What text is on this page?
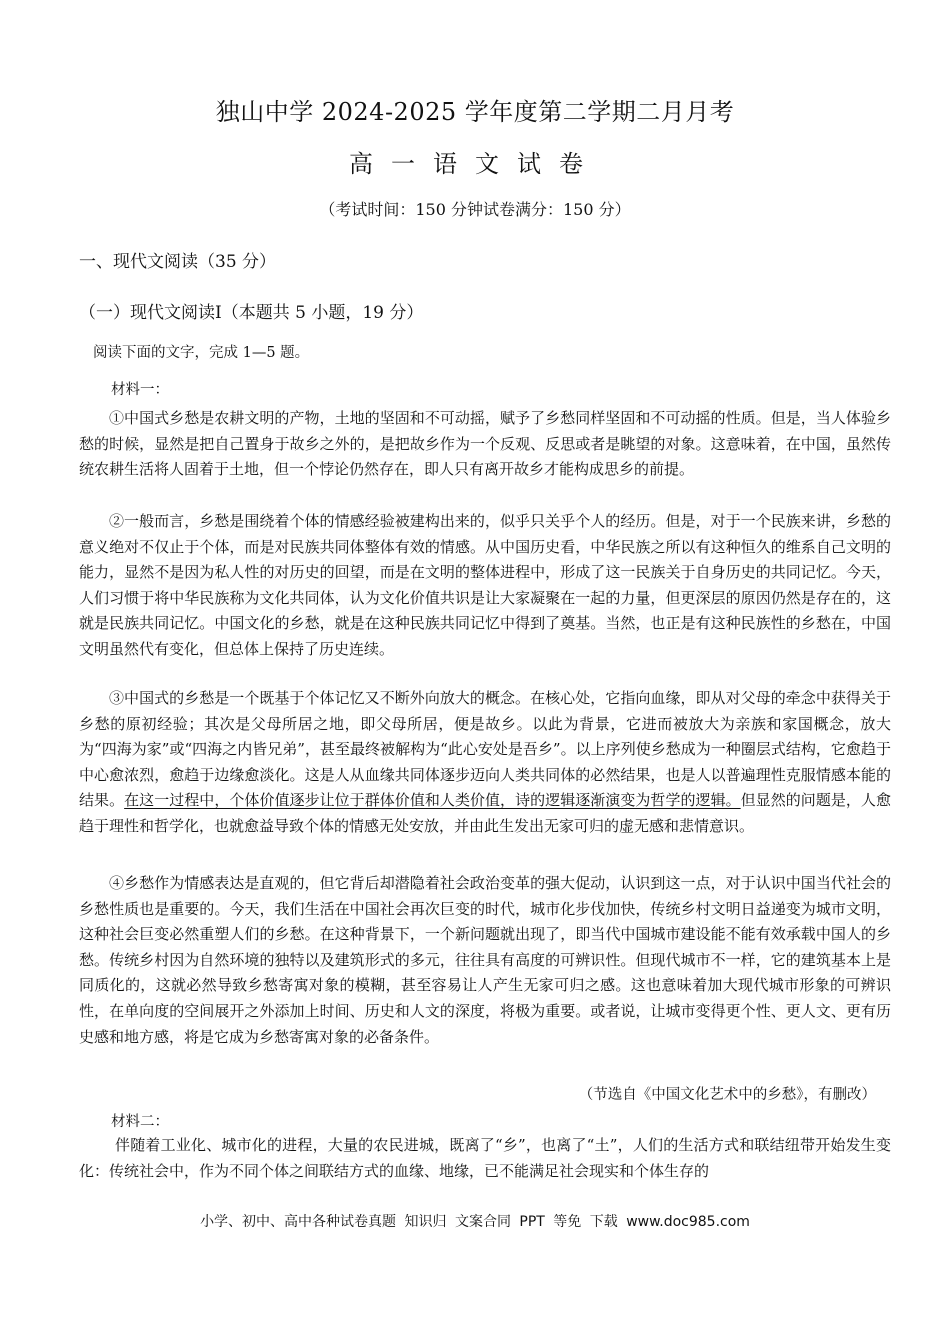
独山中学 2024-2025 学年度第二学期二月月考
高一语文试卷
（考试时间：150 分钟试卷满分：150 分）
一、现代文阅读（35 分）
（一）现代文阅读Ⅰ（本题共 5 小题，19 分）
阅读下面的文字，完成 1—5 题。
材料一：

①中国式乡愁是农耕文明的产物，土地的坚固和不可动摇，赋予了乡愁同样坚固和不可动摇的性质。但是，当人体验乡愁的时候，显然是把自己置身于故乡之外的，是把故乡作为一个反观、反思或者是眺望的对象。这意味着，在中国，虽然传统农耕生活将人固着于土地，但一个悖论仍然存在，即人只有离开故乡才能构成思乡的前提。

②一般而言，乡愁是围绕着个体的情感经验被建构出来的，似乎只关乎个人的经历。但是，对于一个民族来讲，乡愁的意义绝对不仅止于个体，而是对民族共同体整体有效的情感。从中国历史看，中华民族之所以有这种恒久的维系自己文明的能力，显然不是因为私人性的对历史的回望，而是在文明的整体进程中，形成了这一民族关于自身历史的共同记忆。今天，人们习惯于将中华民族称为文化共同体，认为文化价值共识是让大家凝聚在一起的力量，但更深层的原因仍然是存在的，这就是民族共同记忆。中国文化的乡愁，就是在这种民族共同记忆中得到了奠基。当然，也正是有这种民族性的乡愁在，中国文明虽然代有变化，但总体上保持了历史连续。

③中国式的乡愁是一个既基于个体记忆又不断外向放大的概念。在核心处，它指向血缘，即从对父母的牵念中获得关于乡愁的原初经验；其次是父母所居之地，即父母所居，便是故乡。以此为背景，它进而被放大为亲族和家国概念，放大为“四海为家”或“四海之内皆兄弟”，甚至最终被解构为“此心安处是吾乡”。以上序列使乡愁成为一种圈层式结构，它愈趋于中心愈浓烈，愈趋于边缘愈淡化。这是人从血缘共同体逐步迈向人类共同体的必然结果，也是人以普遍理性克服情感本能的结果。在这一过程中，个体价值逐步让位于群体价值和人类价值，诗的逻辑逐渐演变为哲学的逻辑。但显然的问题是，人愈趋于理性和哲学化，也就愈益导致个体的情感无处安放，并由此生发出无家可归的虚无感和悲情意识。

④乡愁作为情感表达是直观的，但它背后却潜隐着社会政治变革的强大促动，认识到这一点，对于认识中国当代社会的乡愁性质也是重要的。今天，我们生活在中国社会再次巨变的时代，城市化步伐加快，传统乡村文明日益递变为城市文明，这种社会巨变必然重塑人们的乡愁。在这种背景下，一个新问题就出现了，即当代中国城市建设能不能有效承载中国人的乡愁。传统乡村因为自然环境的独特以及建筑形式的多元，往往具有高度的可辨识性。但现代城市不一样，它的建筑基本上是同质化的，这就必然导致乡愁寄寓对象的模糊，甚至容易让人产生无家可归之感。这也意味着加大现代城市形象的可辨识性，在单向度的空间展开之外添加上时间、历史和人文的深度，将极为重要。或者说，让城市变得更个性、更人文、更有历史感和地方感，将是它成为乡愁寄寓对象的必备条件。

（节选自《中国文化艺术中的乡愁》，有删改）
材料二：

伴随着工业化、城市化的进程，大量的农民进城，既离了“乡”，也离了“土”，人们的生活方式和联结纽带开始发生变化：传统社会中，作为不同个体之间联结方式的血缘、地缘，已不能满足社会现实和个体生存的

小学、初中、高中各种试卷真题 知识归 文案合同 PPT 等免 下载 www.doc985.com
